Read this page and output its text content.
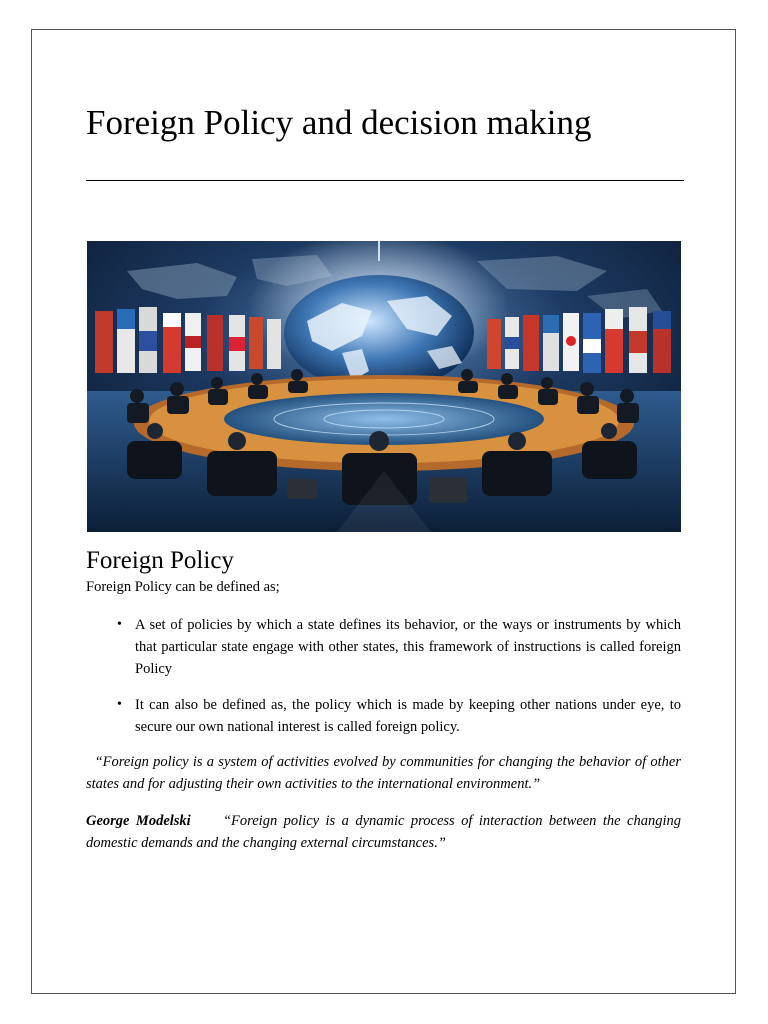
Foreign Policy and decision making
Foreign Policy

Foreign Policy can be defined as;

• A set of policies by which a state defines its behavior, or the ways or instruments by which that particular state engage with other states, this framework of instructions is called foreign Policy
• It can also be defined as, the policy which is made by keeping other nations under eye, to secure our own national interest is called foreign policy.

“Foreign policy is a system of activities evolved by communities for changing the behavior of other states and for adjusting their own activities to the international environment.”

George Modelski “Foreign policy is a dynamic process of interaction between the changing domestic demands and the changing external circumstances.”
